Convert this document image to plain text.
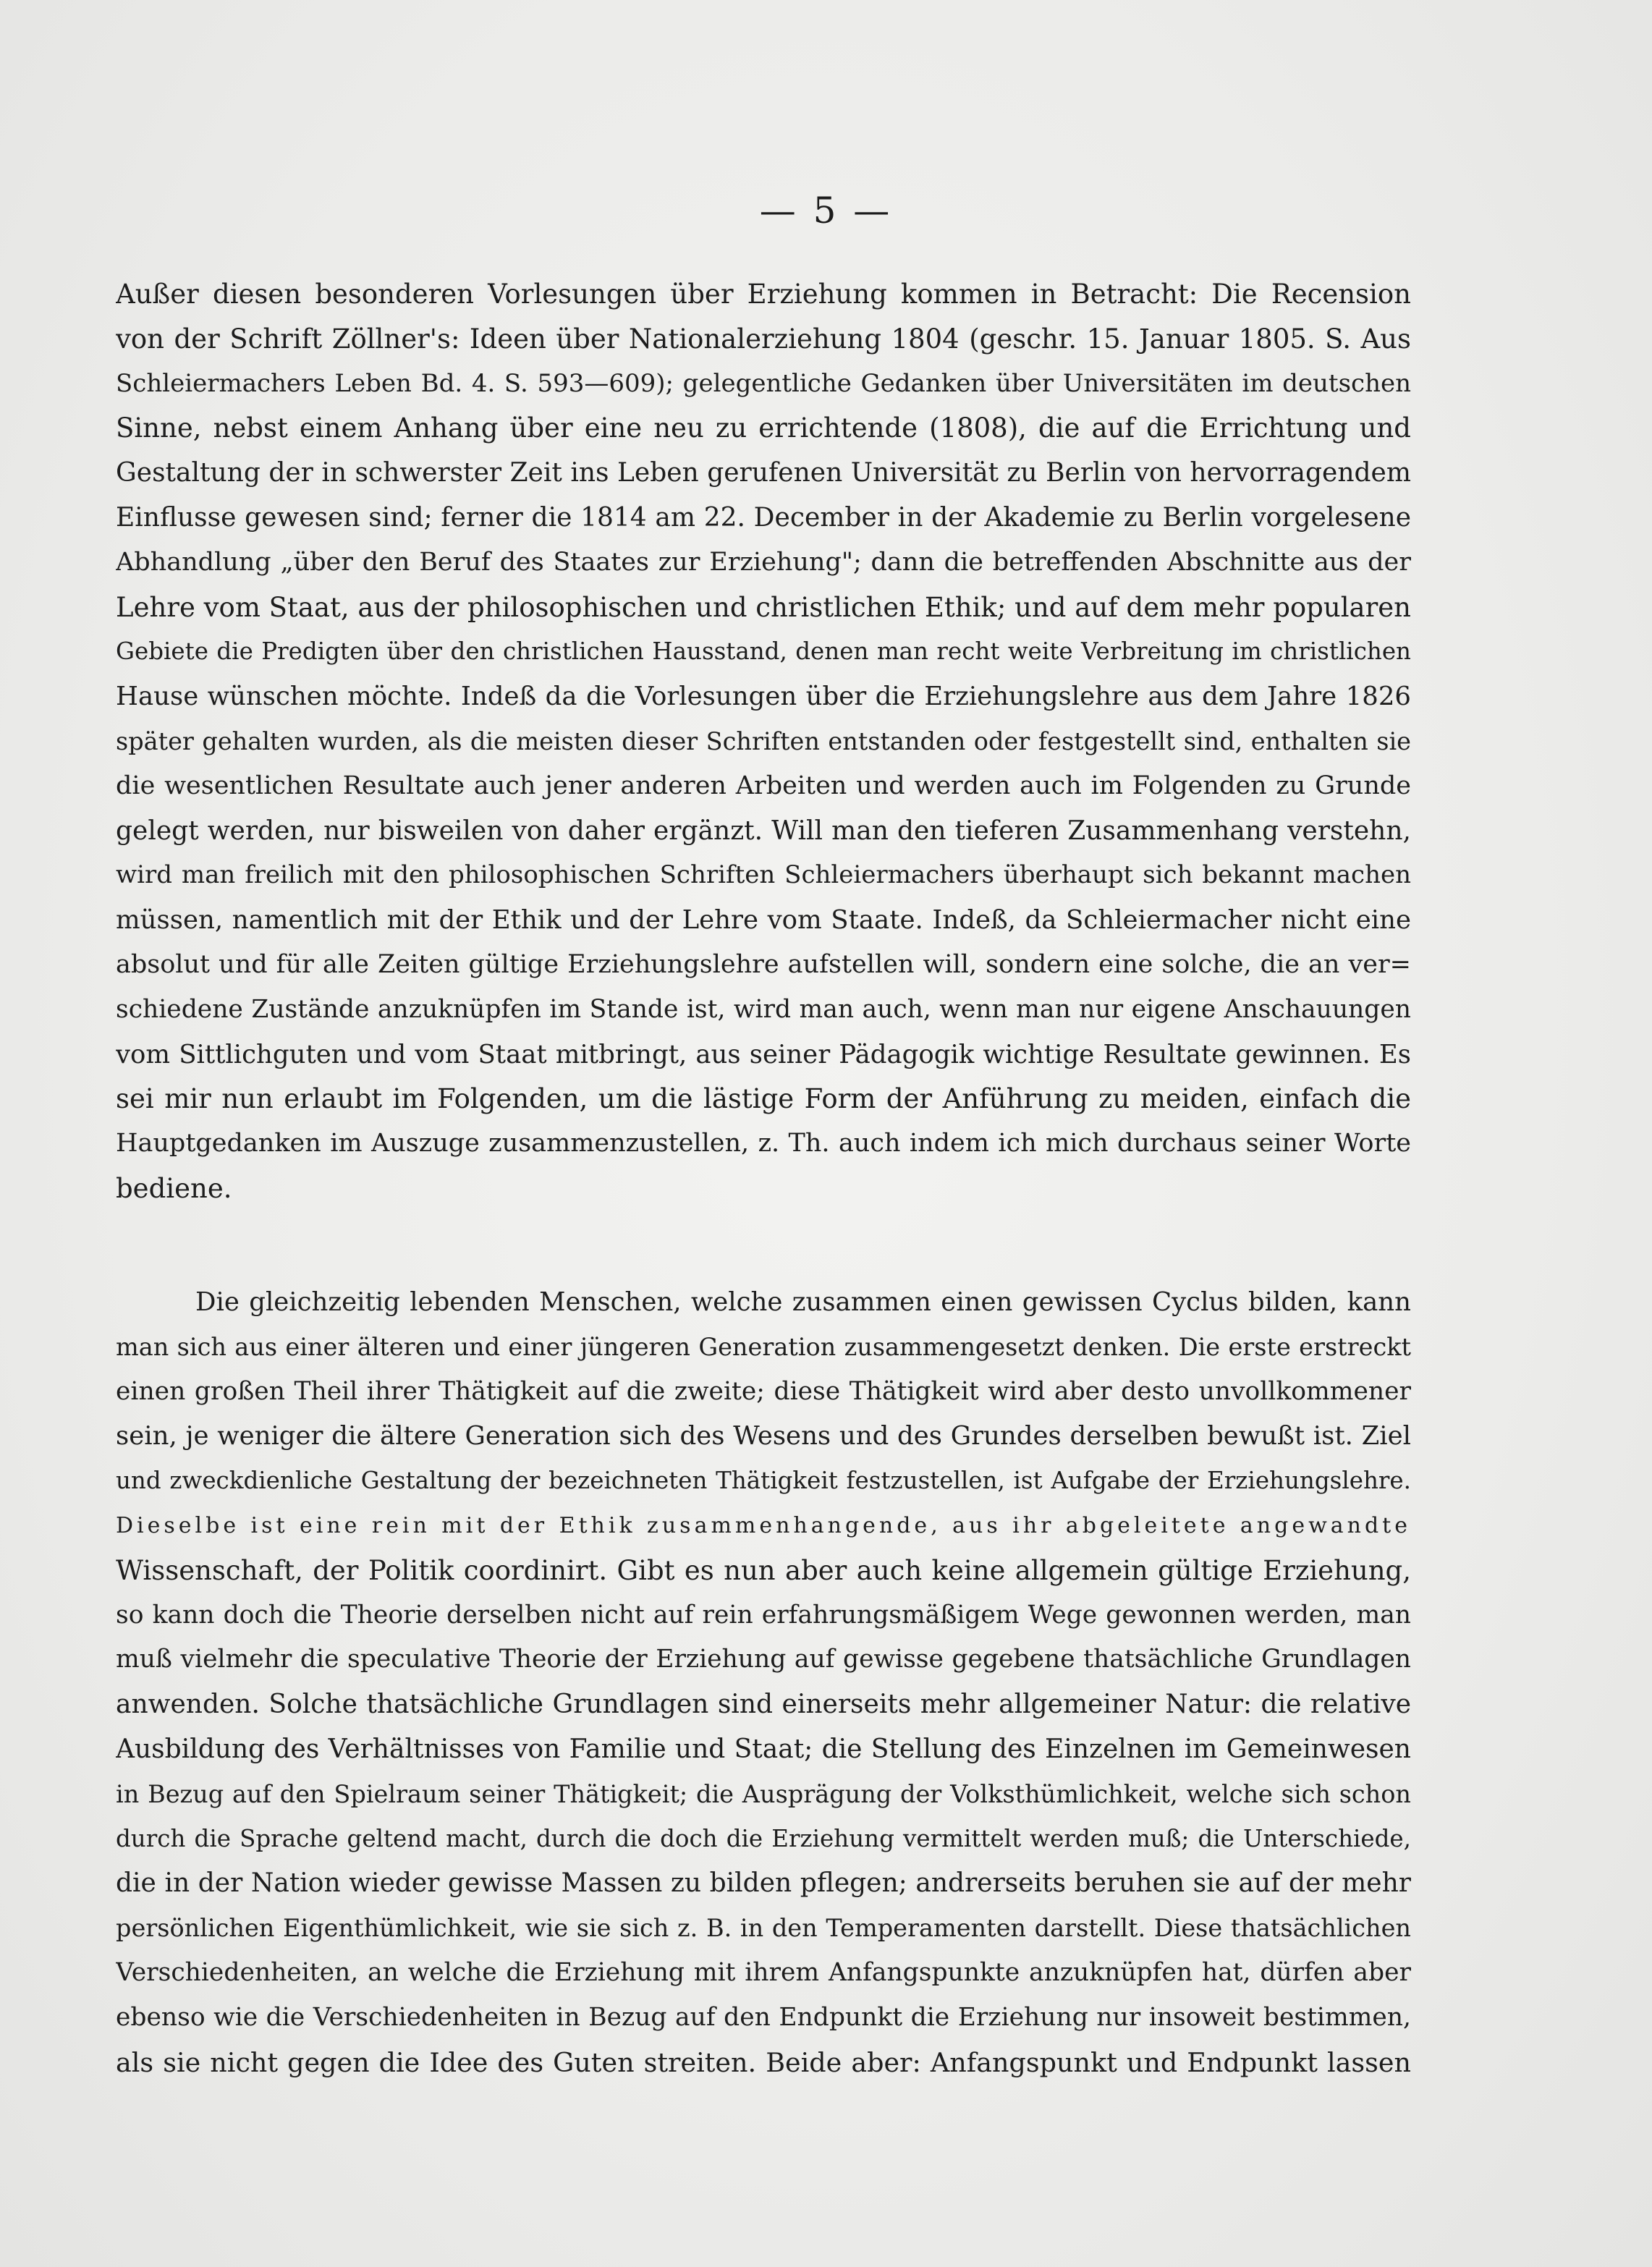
— 5 —
Außer diesen besonderen Vorlesungen über Erziehung kommen in Betracht: Die Recension
von der Schrift Zöllner's: Ideen über Nationalerziehung 1804 (geschr. 15. Januar 1805. S. Aus
Schleiermachers Leben Bd. 4. S. 593—609); gelegentliche Gedanken über Universitäten im deutschen
Sinne, nebst einem Anhang über eine neu zu errichtende (1808), die auf die Errichtung und
Gestaltung der in schwerster Zeit ins Leben gerufenen Universität zu Berlin von hervorragendem
Einflusse gewesen sind; ferner die 1814 am 22. December in der Akademie zu Berlin vorgelesene
Abhandlung „über den Beruf des Staates zur Erziehung"; dann die betreffenden Abschnitte aus der
Lehre vom Staat, aus der philosophischen und christlichen Ethik; und auf dem mehr popularen
Gebiete die Predigten über den christlichen Hausstand, denen man recht weite Verbreitung im christlichen
Hause wünschen möchte. Indeß da die Vorlesungen über die Erziehungslehre aus dem Jahre 1826
später gehalten wurden, als die meisten dieser Schriften entstanden oder festgestellt sind, enthalten sie
die wesentlichen Resultate auch jener anderen Arbeiten und werden auch im Folgenden zu Grunde
gelegt werden, nur bisweilen von daher ergänzt. Will man den tieferen Zusammenhang verstehn,
wird man freilich mit den philosophischen Schriften Schleiermachers überhaupt sich bekannt machen
müssen, namentlich mit der Ethik und der Lehre vom Staate. Indeß, da Schleiermacher nicht eine
absolut und für alle Zeiten gültige Erziehungslehre aufstellen will, sondern eine solche, die an ver=
schiedene Zustände anzuknüpfen im Stande ist, wird man auch, wenn man nur eigene Anschauungen
vom Sittlichguten und vom Staat mitbringt, aus seiner Pädagogik wichtige Resultate gewinnen. Es
sei mir nun erlaubt im Folgenden, um die lästige Form der Anführung zu meiden, einfach die
Hauptgedanken im Auszuge zusammenzustellen, z. Th. auch indem ich mich durchaus seiner Worte
bediene.
Die gleichzeitig lebenden Menschen, welche zusammen einen gewissen Cyclus bilden, kann
man sich aus einer älteren und einer jüngeren Generation zusammengesetzt denken. Die erste erstreckt
einen großen Theil ihrer Thätigkeit auf die zweite; diese Thätigkeit wird aber desto unvollkommener
sein, je weniger die ältere Generation sich des Wesens und des Grundes derselben bewußt ist. Ziel
und zweckdienliche Gestaltung der bezeichneten Thätigkeit festzustellen, ist Aufgabe der Erziehungslehre.
Dieselbe ist eine rein mit der Ethik zusammenhangende, aus ihr abgeleitete angewandte
Wissenschaft, der Politik coordinirt. Gibt es nun aber auch keine allgemein gültige Erziehung,
so kann doch die Theorie derselben nicht auf rein erfahrungsmäßigem Wege gewonnen werden, man
muß vielmehr die speculative Theorie der Erziehung auf gewisse gegebene thatsächliche Grundlagen
anwenden. Solche thatsächliche Grundlagen sind einerseits mehr allgemeiner Natur: die relative
Ausbildung des Verhältnisses von Familie und Staat; die Stellung des Einzelnen im Gemeinwesen
in Bezug auf den Spielraum seiner Thätigkeit; die Ausprägung der Volksthümlichkeit, welche sich schon
durch die Sprache geltend macht, durch die doch die Erziehung vermittelt werden muß; die Unterschiede,
die in der Nation wieder gewisse Massen zu bilden pflegen; andrerseits beruhen sie auf der mehr
persönlichen Eigenthümlichkeit, wie sie sich z. B. in den Temperamenten darstellt. Diese thatsächlichen
Verschiedenheiten, an welche die Erziehung mit ihrem Anfangspunkte anzuknüpfen hat, dürfen aber
ebenso wie die Verschiedenheiten in Bezug auf den Endpunkt die Erziehung nur insoweit bestimmen,
als sie nicht gegen die Idee des Guten streiten. Beide aber: Anfangspunkt und Endpunkt lassen
